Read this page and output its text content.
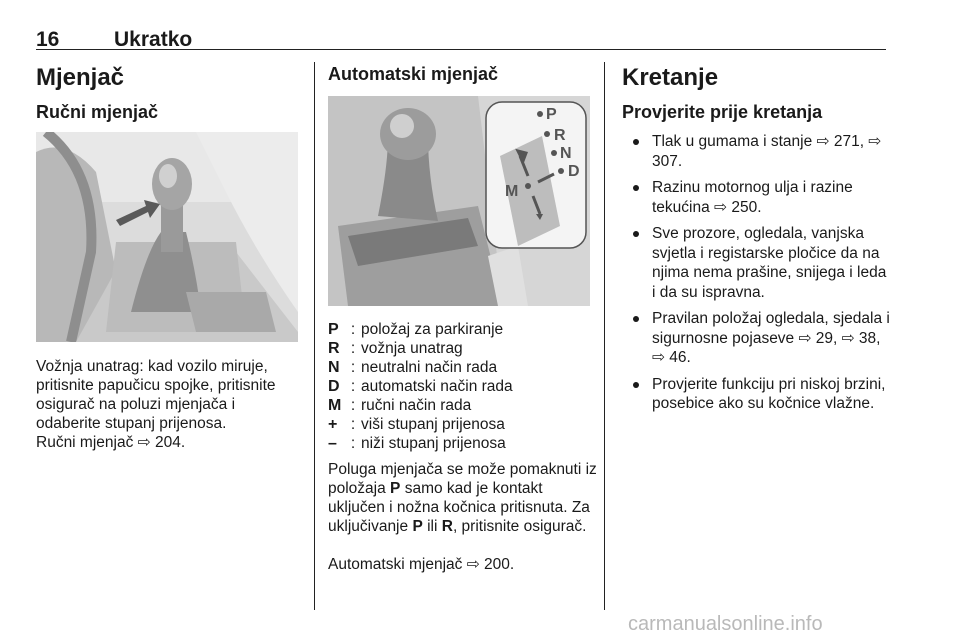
16	Ukratko
Mjenjač
Ručni mjenjač
Vožnja unatrag: kad vozilo miruje, pritisnite papučicu spojke, pritisnite osigurač na poluzi mjenjača i odaberite stupanj prijenosa.
Ručni mjenjač ⇨ 204.
Automatski mjenjač
P
R
N
D
M
P : položaj za parkiranje
R : vožnja unatrag
N : neutralni način rada
D : automatski način rada
M : ručni način rada
+ : viši stupanj prijenosa
– : niži stupanj prijenosa
Poluga mjenjača se može pomaknuti iz položaja P samo kad je kontakt uključen i nožna kočnica pritisnuta. Za uključivanje P ili R, pritisnite osigurač.
Automatski mjenjač ⇨ 200.
Kretanje
Provjerite prije kretanja
Tlak u gumama i stanje ⇨ 271, ⇨ 307.
Razinu motornog ulja i razine tekućina ⇨ 250.
Sve prozore, ogledala, vanjska svjetla i registarske pločice da na njima nema prašine, snijega i leda i da su ispravna.
Pravilan položaj ogledala, sjedala i sigurnosne pojaseve ⇨ 29, ⇨ 38, ⇨ 46.
Provjerite funkciju pri niskoj brzini, posebice ako su kočnice vlažne.
carmanualsonline.info
